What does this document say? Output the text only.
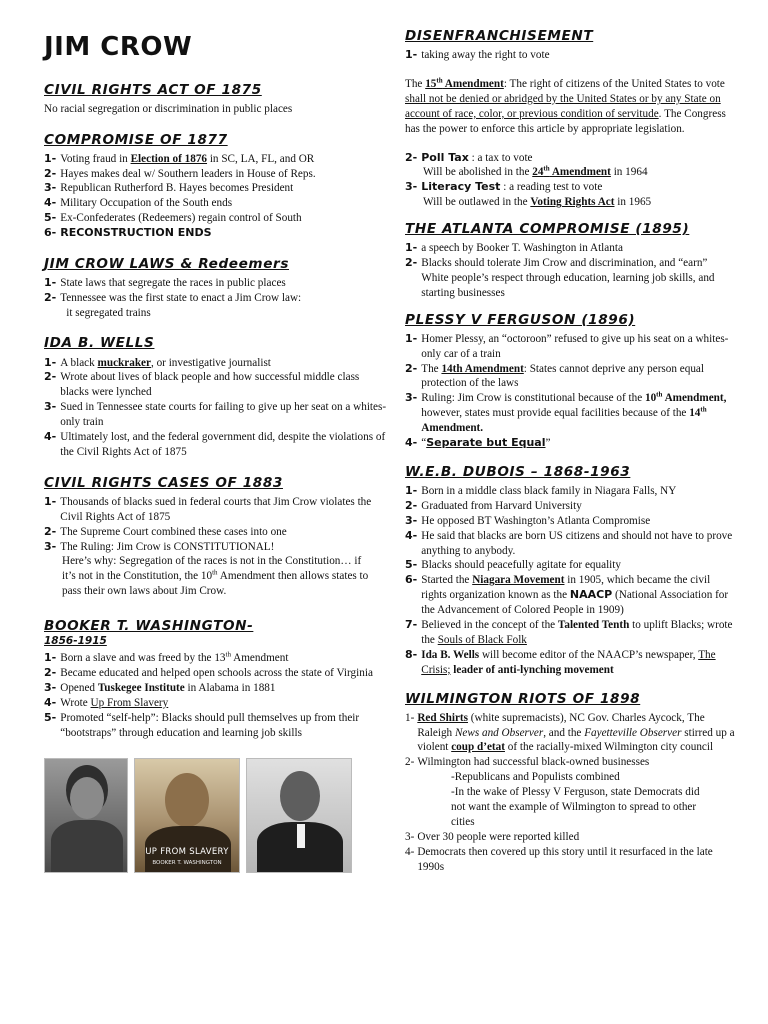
JIM CROW
CIVIL RIGHTS ACT OF 1875

No racial segregation or discrimination in public places

COMPROMISE OF 1877
1- Voting fraud in Election of 1876 in SC, LA, FL, and OR
2- Hayes makes deal w/ Southern leaders in House of Reps.
3- Republican Rutherford B. Hayes becomes President
4- Military Occupation of the South ends
5- Ex-Confederates (Redeemers) regain control of South
6- RECONSTRUCTION ENDS
JIM CROW LAWS & Redeemers
1- State laws that segregate the races in public places
2- Tennessee was the first state to enact a Jim Crow law:
it segregated trains
IDA B. WELLS
1- A black muckraker, or investigative journalist
2- Wrote about lives of black people and how successful middle class blacks were lynched
3- Sued in Tennessee state courts for failing to give up her seat on a whites-only train
4- Ultimately lost, and the federal government did, despite the violations of the Civil Rights Act of 1875
CIVIL RIGHTS CASES OF 1883
1- Thousands of blacks sued in federal courts that Jim Crow violates the Civil Rights Act of 1875
2- The Supreme Court combined these cases into one
3- The Ruling: Jim Crow is CONSTITUTIONAL!

Here’s why: Segregation of the races is not in the Constitution… if it’s not in the Constitution, the 10th Amendment then allows states to pass their own laws about Jim Crow.

BOOKER T. WASHINGTON-
1856-1915
1- Born a slave and was freed by the 13th Amendment
2- Became educated and helped open schools across the state of Virginia
3- Opened Tuskegee Institute in Alabama in 1881
4- Wrote Up From Slavery
5- Promoted “self-help”: Blacks should pull themselves up from their “bootstraps” through education and learning job skills
UP FROM SLAVERY
BOOKER T. WASHINGTON
DISENFRANCHISEMENT
1- taking away the right to vote

The 15th Amendment: The right of citizens of the United States to vote shall not be denied or abridged by the United States or by any State on account of race, color, or previous condition of servitude. The Congress has the power to enforce this article by appropriate legislation.

2- Poll Tax : a tax to vote

Will be abolished in the 24th Amendment in 1964

3- Literacy Test : a reading test to vote

Will be outlawed in the Voting Rights Act in 1965

THE ATLANTA COMPROMISE (1895)
1- a speech by Booker T. Washington in Atlanta
2- Blacks should tolerate Jim Crow and discrimination, and “earn” White people’s respect through education, learning job skills, and starting businesses
PLESSY V FERGUSON (1896)
1- Homer Plessy, an “octoroon” refused to give up his seat on a whites-only car of a train
2- The 14th Amendment: States cannot deprive any person equal protection of the laws
3- Ruling: Jim Crow is constitutional because of the 10th Amendment, however, states must provide equal facilities because of the 14th Amendment.
4- “Separate but Equal”
W.E.B. DUBOIS – 1868-1963
1- Born in a middle class black family in Niagara Falls, NY
2- Graduated from Harvard University
3- He opposed BT Washington’s Atlanta Compromise
4- He said that blacks are born US citizens and should not have to prove anything to anybody.
5- Blacks should peacefully agitate for equality
6- Started the Niagara Movement in 1905, which became the civil rights organization known as the NAACP (National Association for the Advancement of Colored People in 1909)
7- Believed in the concept of the Talented Tenth to uplift Blacks; wrote the Souls of Black Folk
8- Ida B. Wells will become editor of the NAACP’s newspaper, The Crisis; leader of anti-lynching movement
WILMINGTON RIOTS OF 1898
1- Red Shirts (white supremacists), NC Gov. Charles Aycock, The Raleigh News and Observer, and the Fayetteville Observer stirred up a violent coup d’etat of the racially-mixed Wilmington city council
2- Wilmington had successful black-owned businesses

-Republicans and Populists combined

-In the wake of Plessy V Ferguson, state Democrats did not want the example of Wilmington to spread to other cities

3- Over 30 people were reported killed
4- Democrats then covered up this story until it resurfaced in the late 1990s
